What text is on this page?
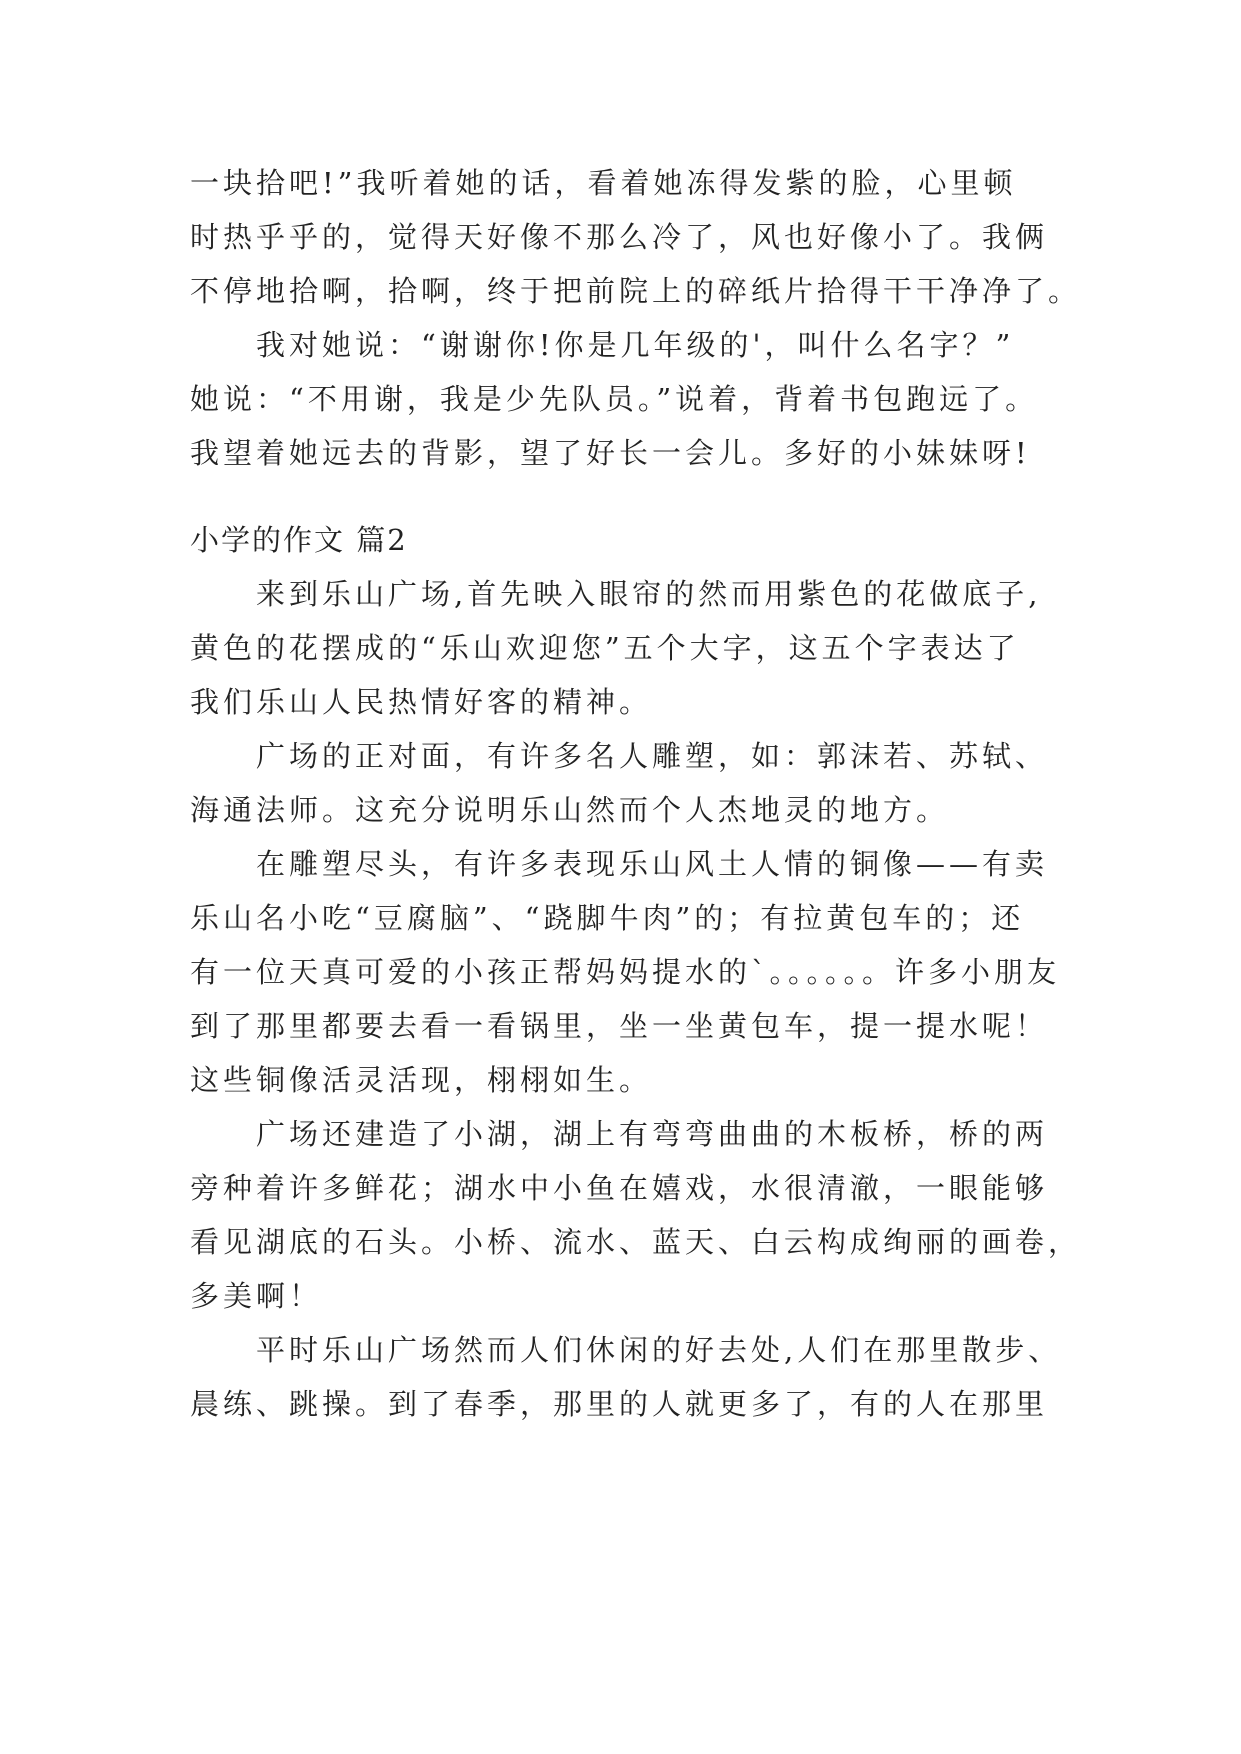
一块拾吧!”我听着她的话，看着她冻得发紫的脸，心里顿
时热乎乎的，觉得天好像不那么冷了，风也好像小了。我俩
不停地拾啊，拾啊，终于把前院上的碎纸片拾得干干净净了。
我对她说：“谢谢你!你是几年级的'，叫什么名字？”
她说：“不用谢，我是少先队员。”说着，背着书包跑远了。
我望着她远去的背影，望了好长一会儿。多好的小妹妹呀!
小学的作文 篇2
来到乐山广场,首先映入眼帘的然而用紫色的花做底子,
黄色的花摆成的“乐山欢迎您”五个大字，这五个字表达了
我们乐山人民热情好客的精神。
广场的正对面，有许多名人雕塑，如：郭沫若、苏轼、
海通法师。这充分说明乐山然而个人杰地灵的地方。
在雕塑尽头，有许多表现乐山风土人情的铜像——有卖
乐山名小吃“豆腐脑”、“跷脚牛肉”的；有拉黄包车的；还
有一位天真可爱的小孩正帮妈妈提水的`。。。。。。许多小朋友
到了那里都要去看一看锅里，坐一坐黄包车，提一提水呢！
这些铜像活灵活现，栩栩如生。
广场还建造了小湖，湖上有弯弯曲曲的木板桥，桥的两
旁种着许多鲜花；湖水中小鱼在嬉戏，水很清澈，一眼能够
看见湖底的石头。小桥、流水、蓝天、白云构成绚丽的画卷，
多美啊！
平时乐山广场然而人们休闲的好去处,人们在那里散步、
晨练、跳操。到了春季，那里的人就更多了，有的人在那里
